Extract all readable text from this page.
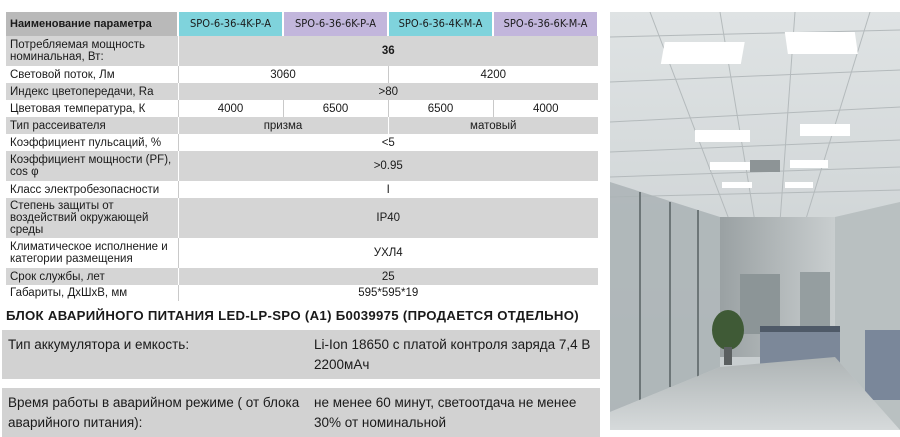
Наименование параметра	SPO-6-36-4K-P-A	SPO-6-36-6K-P-A	SPO-6-36-4K-M-A	SPO-6-36-6K-M-A
Потребляемая мощность номинальная, Вт:	36			
Световой поток, Лм	3060		4200	
Индекс цветопередачи, Ra	>80			
Цветовая температура, К	4000	6500	6500	4000
Тип рассеивателя	призма		матовый	
Коэффициент пульсаций, %	<5			
Коэффициент мощности (PF), cos φ	>0.95			
Класс электробезопасности	I			
Степень защиты от воздействий окружающей среды	IP40			
Климатическое исполнение и категории размещения	УХЛ4			
Срок службы, лет	25			
Габариты, ДхШхВ, мм	595*595*19			
БЛОК АВАРИЙНОГО ПИТАНИЯ LED-LP-SPO (A1) Б0039975 (ПРОДАЕТСЯ ОТДЕЛЬНО)
Тип аккумулятора и емкость:	Li-Ion 18650 с платой контроля заряда 7,4 В 2200мАч

Время работы в аварийном режиме ( от блока аварийного питания):	не менее 60 минут, светоотдача не менее 30% от номинальной
